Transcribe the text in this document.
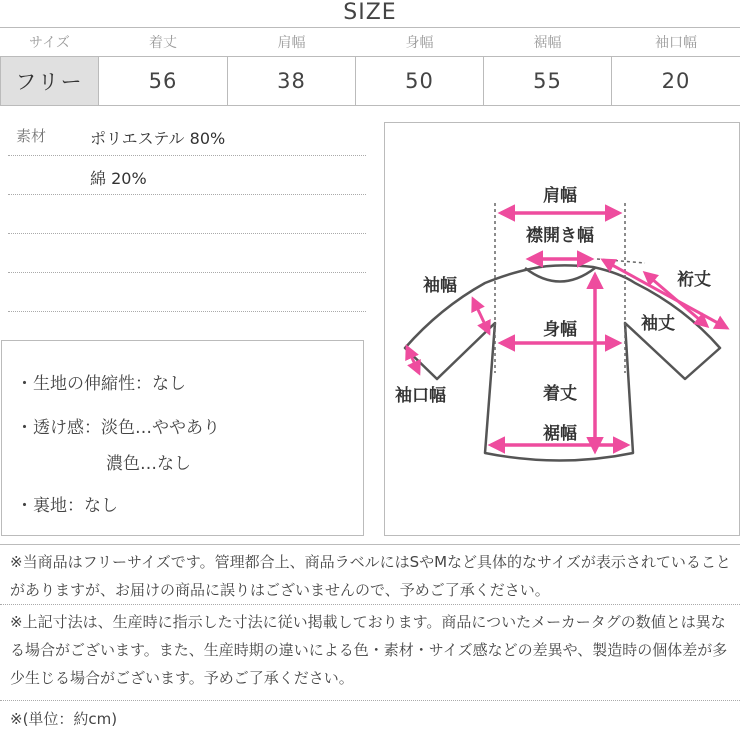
SIZE
サイズ	着丈	肩幅	身幅	裾幅	袖口幅
フリー	56	38	50	55	20
素材	ポリエステル 80%
綿 20%
・生地の伸縮性：なし
・透け感：淡色…ややあり
濃色…なし
・裏地：なし
肩幅
襟開き幅
袖幅
袖丈
裄丈
身幅
袖口幅	着丈
裾幅
※当商品はフリーサイズです。管理都合上、商品ラベルにはSやMなど具体的なサイズが表示されていることがありますが、お届けの商品に誤りはございませんので、予めご了承ください。
※上記寸法は、生産時に指示した寸法に従い掲載しております。商品についたメーカータグの数値とは異なる場合がございます。また、生産時期の違いによる色・素材・サイズ感などの差異や、製造時の個体差が多少生じる場合がございます。予めご了承ください。
※(単位：約cm)
